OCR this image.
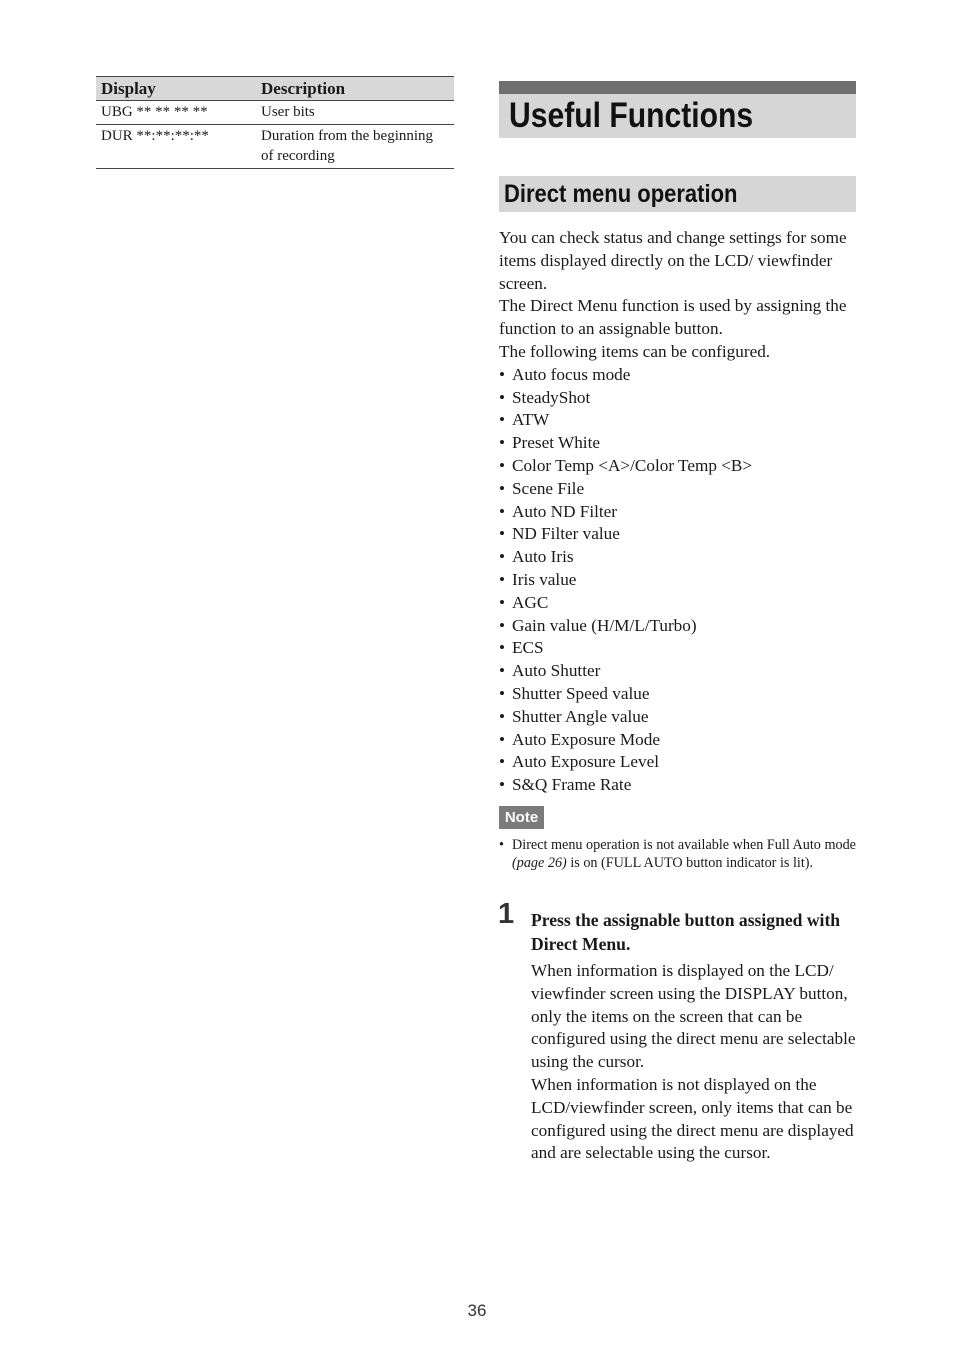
Display	Description
UBG ** ** ** **	User bits
DUR **:**:**:**	Duration from the beginning of recording
Useful Functions
Direct menu operation

You can check status and change settings for some items displayed directly on the LCD/ viewfinder screen.

The Direct Menu function is used by assigning the function to an assignable button.

The following items can be configured.

• Auto focus mode
• SteadyShot
• ATW
• Preset White
• Color Temp <A>/Color Temp <B>
• Scene File
• Auto ND Filter
• ND Filter value
• Auto Iris
• Iris value
• AGC
• Gain value (H/M/L/Turbo)
• ECS
• Auto Shutter
• Shutter Speed value
• Shutter Angle value
• Auto Exposure Mode
• Auto Exposure Level
• S&Q Frame Rate
Note
• Direct menu operation is not available when Full Auto mode (page 26) is on (FULL AUTO button indicator is lit).
1 Press the assignable button assigned with Direct Menu.

When information is displayed on the LCD/ viewfinder screen using the DISPLAY button, only the items on the screen that can be configured using the direct menu are selectable using the cursor.

When information is not displayed on the LCD/viewfinder screen, only items that can be configured using the direct menu are displayed and are selectable using the cursor.

36
